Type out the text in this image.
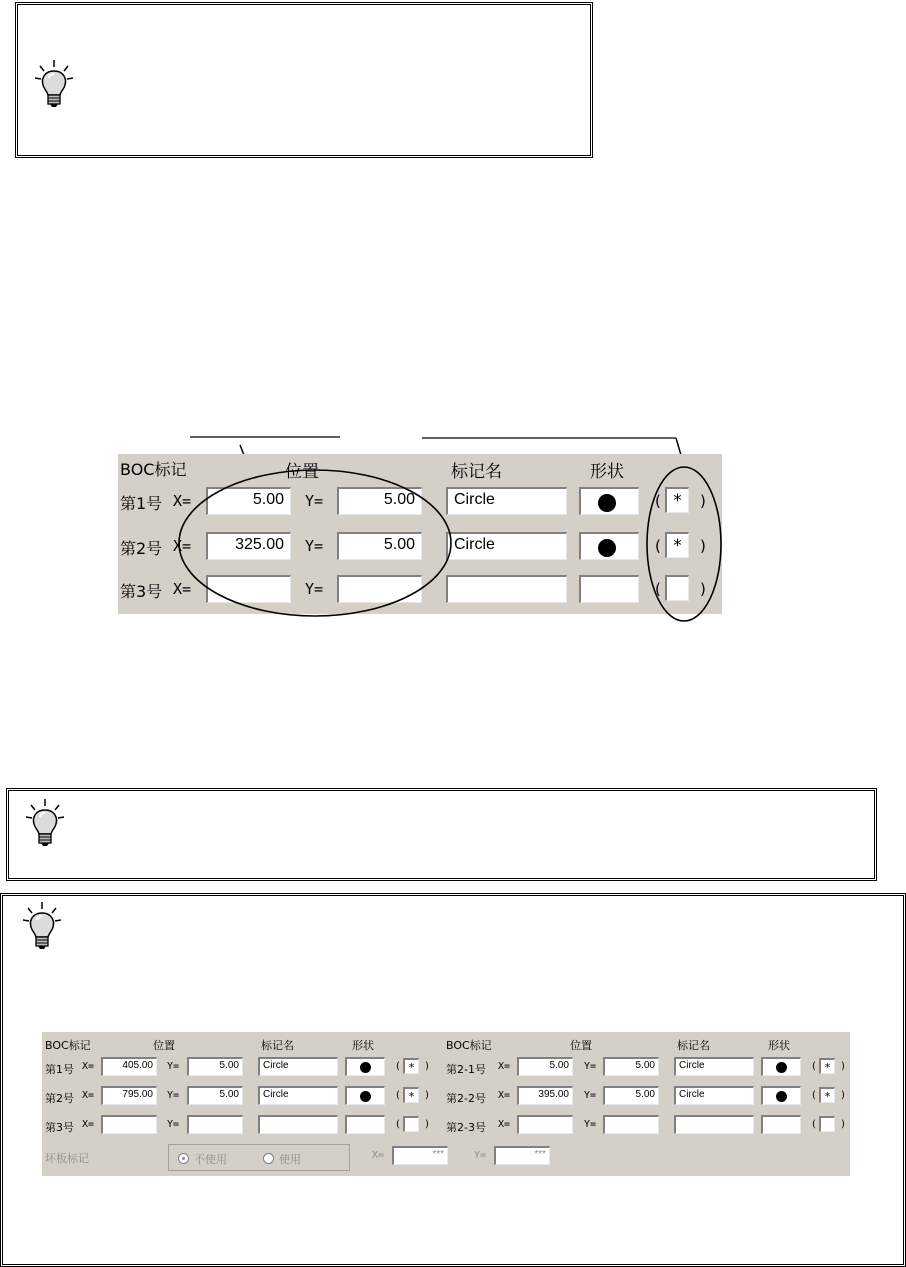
BOC标记	位置	标记名	形状
第1号 X=	5.00	Y=	5.00	Circle	( *	)
第2号 X=	325.00	Y=	5.00	Circle	( *	)
第3号 X=	Y=	(	)
BOC标记	位置	标记名	形状	BOC标记	位置	标记名	形状
第1号 X=	405.00	Y=	5.00	Circle	( *	)
第2号 X=	795.00	Y=	5.00	Circle	( *	)
第3号 X=	Y=	(	)
第2-1号 X=	5.00	Y=	5.00	Circle	( *	)
第2-2号 X=	395.00	Y=	5.00	Circle	( *	)
第2-3号 X=	Y=	(	)
坏板标记	不使用	使用	X=	***	Y=	***
